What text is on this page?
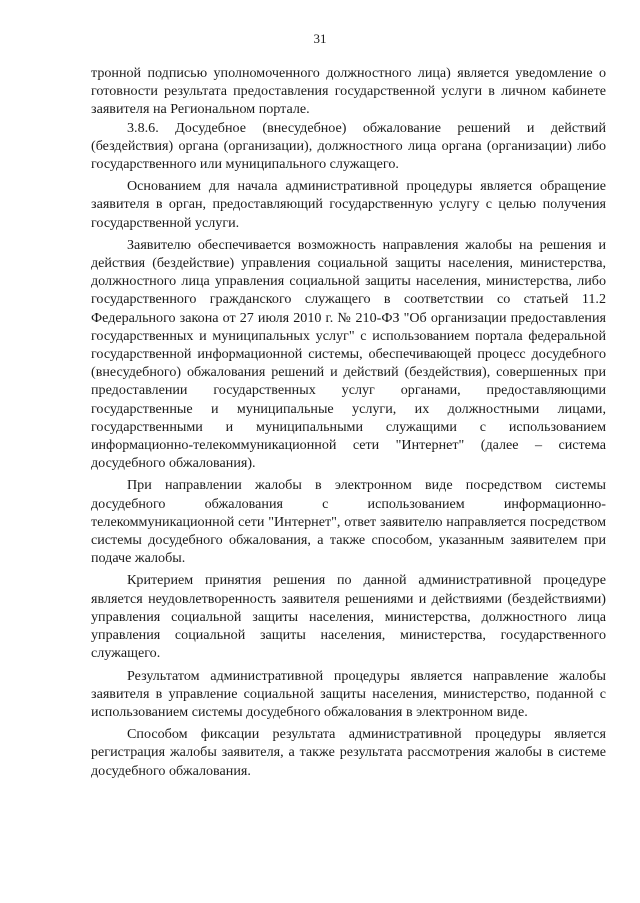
31

тронной подписью уполномоченного должностного лица) является уведомление о готовности результата предоставления государственной услуги в личном кабинете заявителя на Региональном портале.

3.8.6. Досудебное (внесудебное) обжалование решений и действий (бездействия) органа (организации), должностного лица органа (организации) либо государственного или муниципального служащего.

Основанием для начала административной процедуры является обращение заявителя в орган, предоставляющий государственную услугу с целью получения государственной услуги.

Заявителю обеспечивается возможность направления жалобы на решения и действия (бездействие) управления социальной защиты населения, министерства, должностного лица управления социальной защиты населения, министерства, либо государственного гражданского служащего в соответствии со статьей 11.2 Федерального закона от 27 июля 2010 г. № 210-ФЗ "Об организации предоставления государственных и муниципальных услуг" с использованием портала федеральной государственной информационной системы, обеспечивающей процесс досудебного (внесудебного) обжалования решений и действий (бездействия), совершенных при предоставлении государственных услуг органами, предоставляющими государственные и муниципальные услуги, их должностными лицами, государственными и муниципальными служащими с использованием информационно-телекоммуникационной сети "Интернет" (далее – система досудебного обжалования).

При направлении жалобы в электронном виде посредством системы досудебного обжалования с использованием информационно-телекоммуникационной сети "Интернет", ответ заявителю направляется посредством системы досудебного обжалования, а также способом, указанным заявителем при подаче жалобы.

Критерием принятия решения по данной административной процедуре является неудовлетворенность заявителя решениями и действиями (бездействиями) управления социальной защиты населения, министерства, должностного лица управления социальной защиты населения, министерства, государственного служащего.

Результатом административной процедуры является направление жалобы заявителя в управление социальной защиты населения, министерство, поданной с использованием системы досудебного обжалования в электронном виде.

Способом фиксации результата административной процедуры является регистрация жалобы заявителя, а также результата рассмотрения жалобы в системе досудебного обжалования.
